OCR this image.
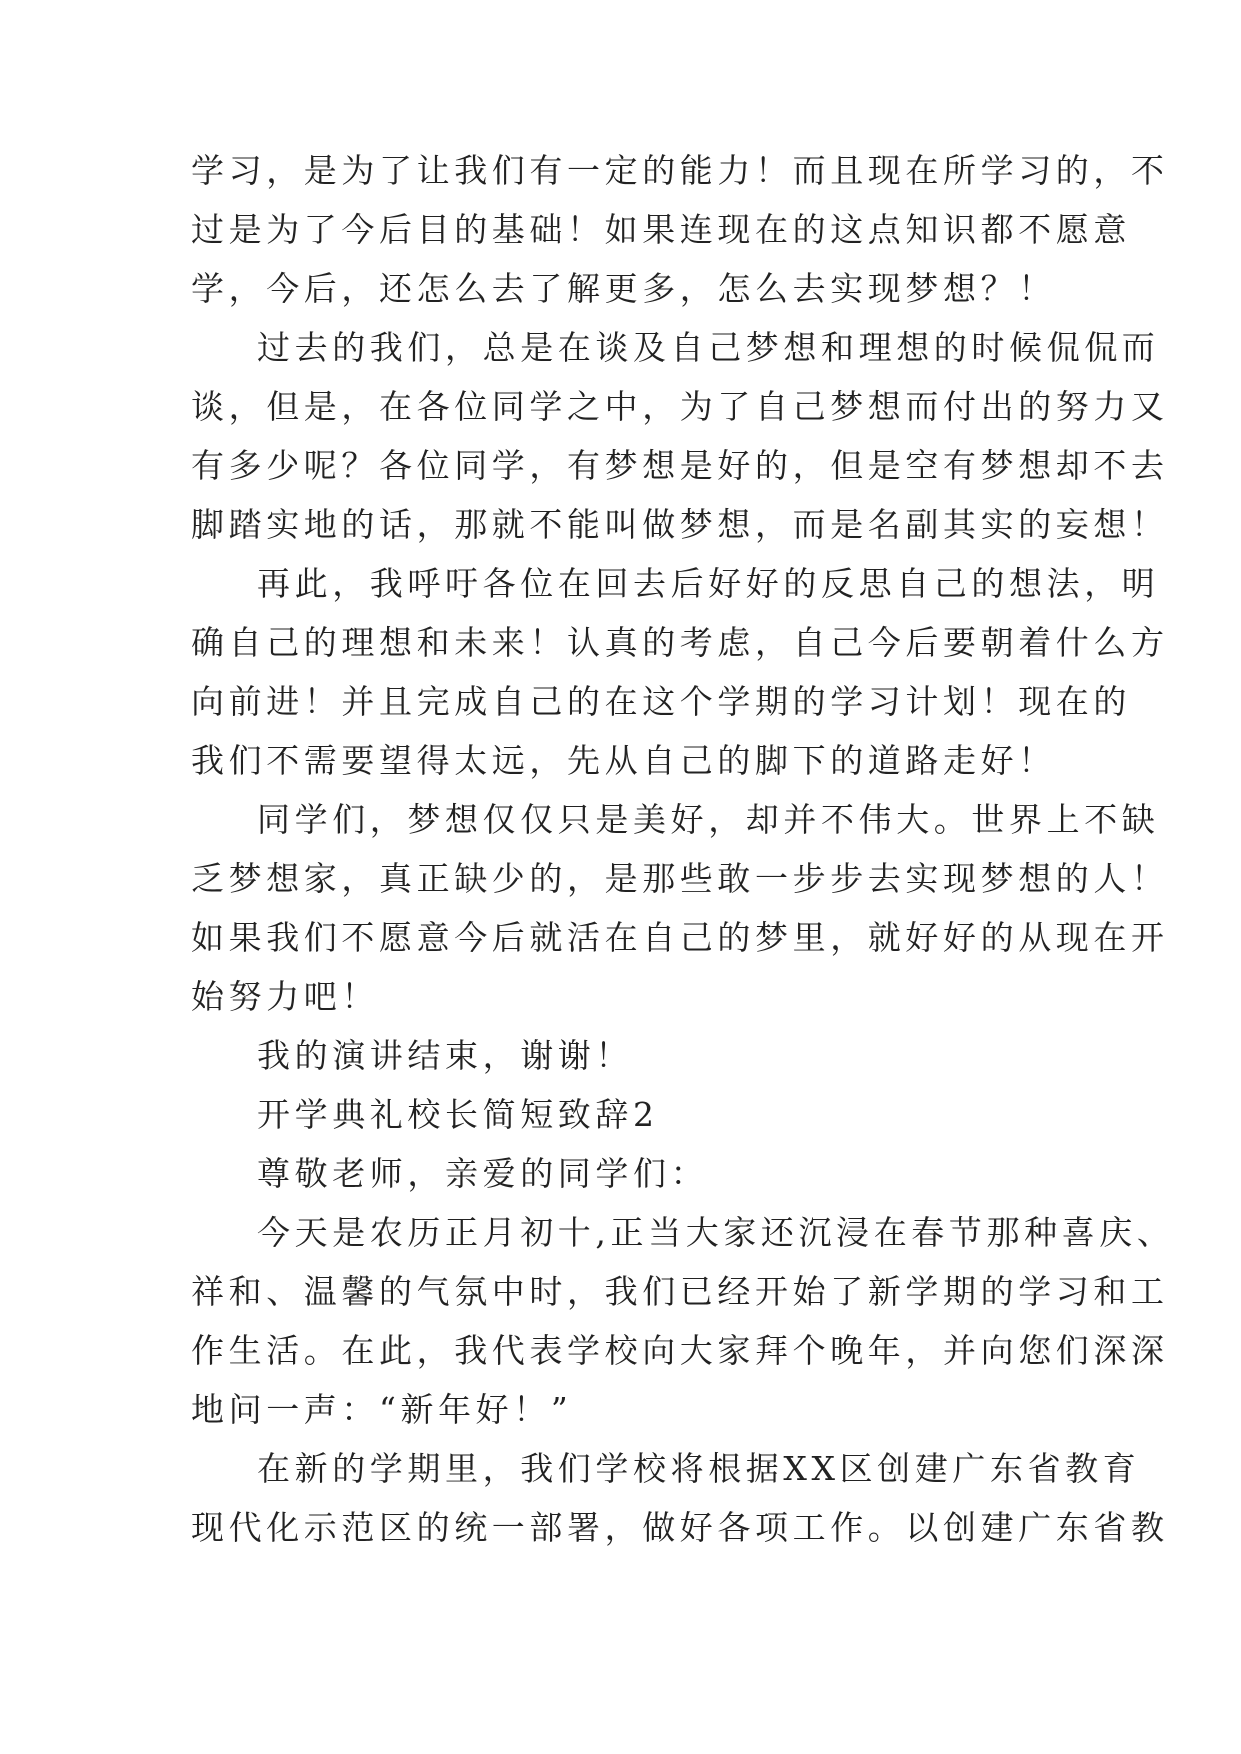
学习，是为了让我们有一定的能力！而且现在所学习的，不
过是为了今后目的基础！如果连现在的这点知识都不愿意
学，今后，还怎么去了解更多，怎么去实现梦想？！
过去的我们，总是在谈及自己梦想和理想的时候侃侃而
谈，但是，在各位同学之中，为了自己梦想而付出的努力又
有多少呢？各位同学，有梦想是好的，但是空有梦想却不去
脚踏实地的话，那就不能叫做梦想，而是名副其实的妄想！
再此，我呼吁各位在回去后好好的反思自己的想法，明
确自己的理想和未来！认真的考虑，自己今后要朝着什么方
向前进！并且完成自己的在这个学期的学习计划！现在的
我们不需要望得太远，先从自己的脚下的道路走好！
同学们，梦想仅仅只是美好，却并不伟大。世界上不缺
乏梦想家，真正缺少的，是那些敢一步步去实现梦想的人！
如果我们不愿意今后就活在自己的梦里，就好好的从现在开
始努力吧！
我的演讲结束，谢谢！
开学典礼校长简短致辞2
尊敬老师，亲爱的同学们：
今天是农历正月初十,正当大家还沉浸在春节那种喜庆、
祥和、温馨的气氛中时，我们已经开始了新学期的学习和工
作生活。在此，我代表学校向大家拜个晚年，并向您们深深
地问一声：“新年好！”
在新的学期里，我们学校将根据XX区创建广东省教育
现代化示范区的统一部署，做好各项工作。以创建广东省教
